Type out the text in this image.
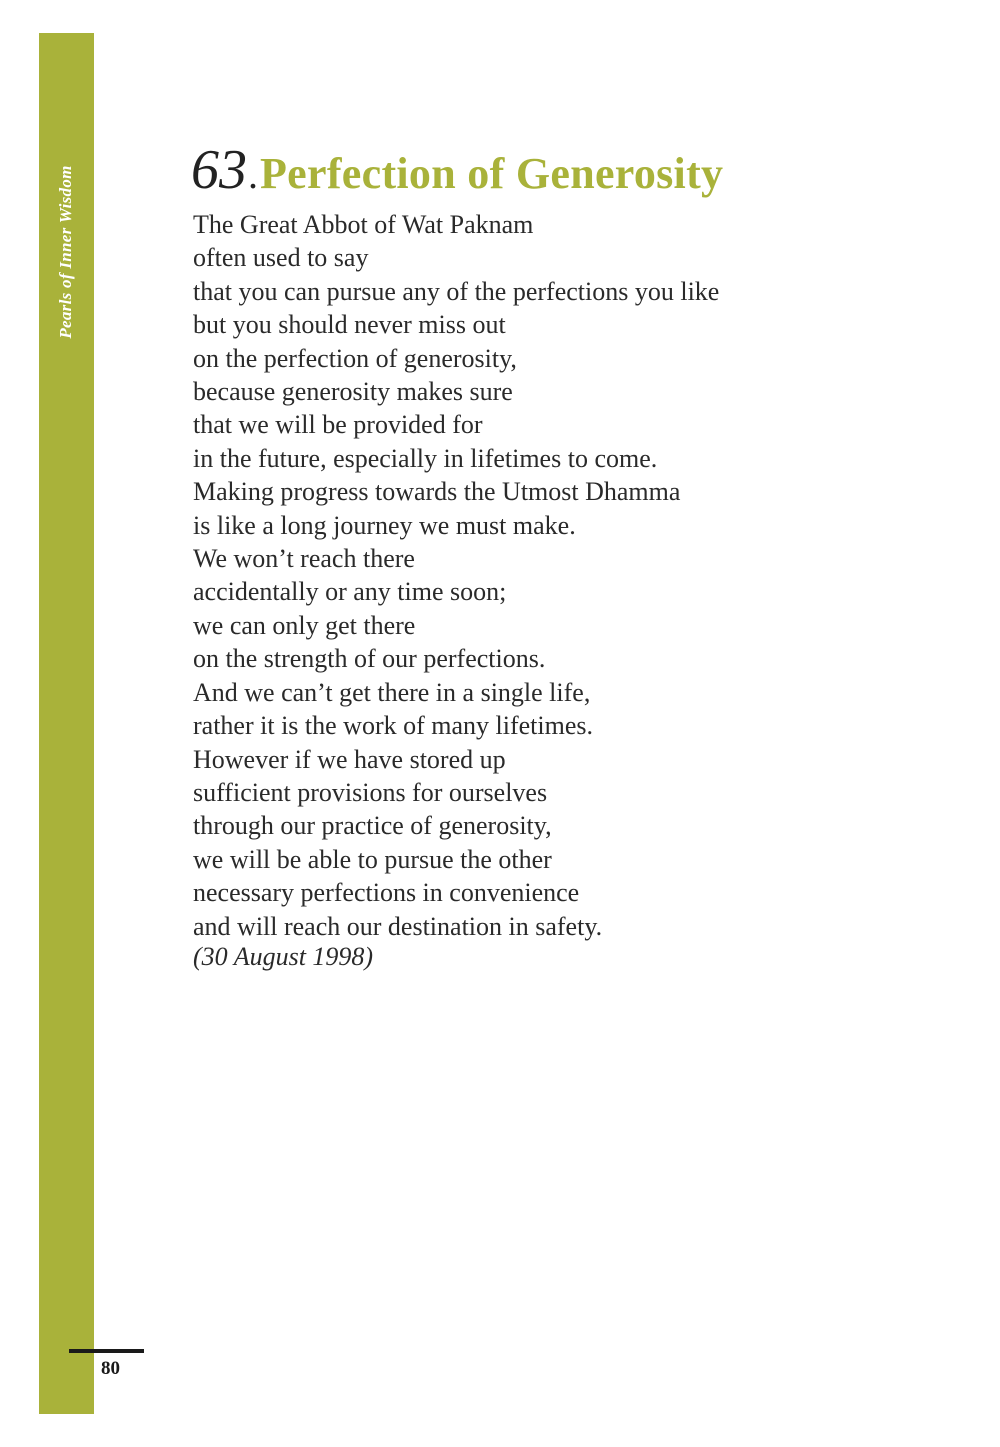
Pearls of Inner Wisdom 63.Perfection of Generosity
The Great Abbot of Wat Paknam
often used to say
that you can pursue any of the perfections you like
but you should never miss out
on the perfection of generosity,
because generosity makes sure
that we will be provided for
in the future, especially in lifetimes to come.
Making progress towards the Utmost Dhamma
is like a long journey we must make.
We won’t reach there
accidentally or any time soon;
we can only get there
on the strength of our perfections.
And we can’t get there in a single life,
rather it is the work of many lifetimes.
However if we have stored up
sufficient provisions for ourselves
through our practice of generosity,
we will be able to pursue the other
necessary perfections in convenience
and will reach our destination in safety.
(30 August 1998)
80
